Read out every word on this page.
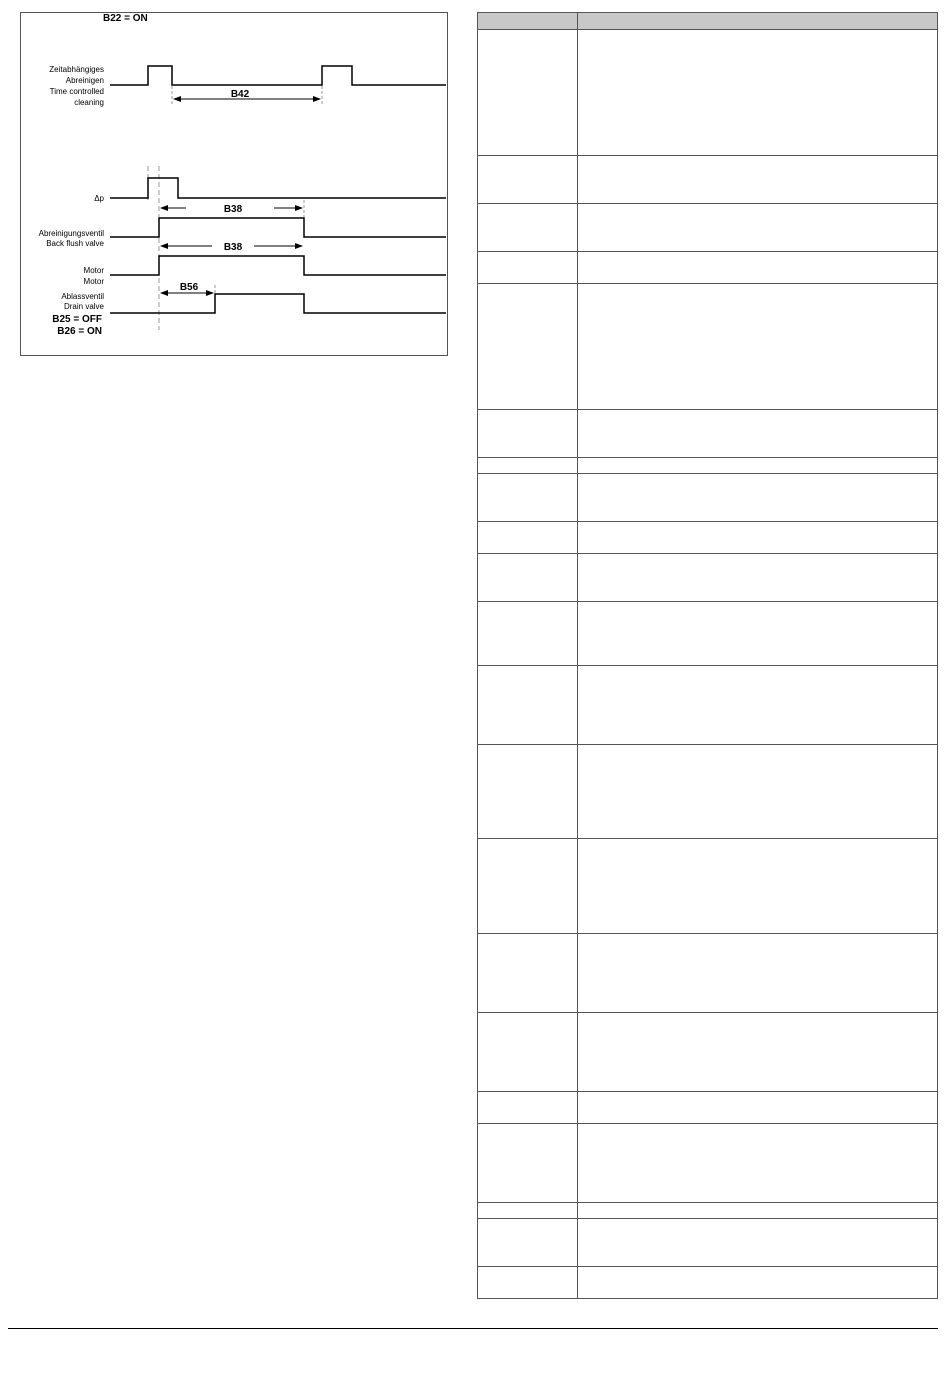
B22 = ON
Zeitabhängiges
Abreinigen
Time controlled
cleaning
B42
Δp
B38
Abreinigungsventil
Back flush valve	B38
Motor
Motor
B56
Ablassventil
Drain valve
B25 = OFF
B26 = ON
